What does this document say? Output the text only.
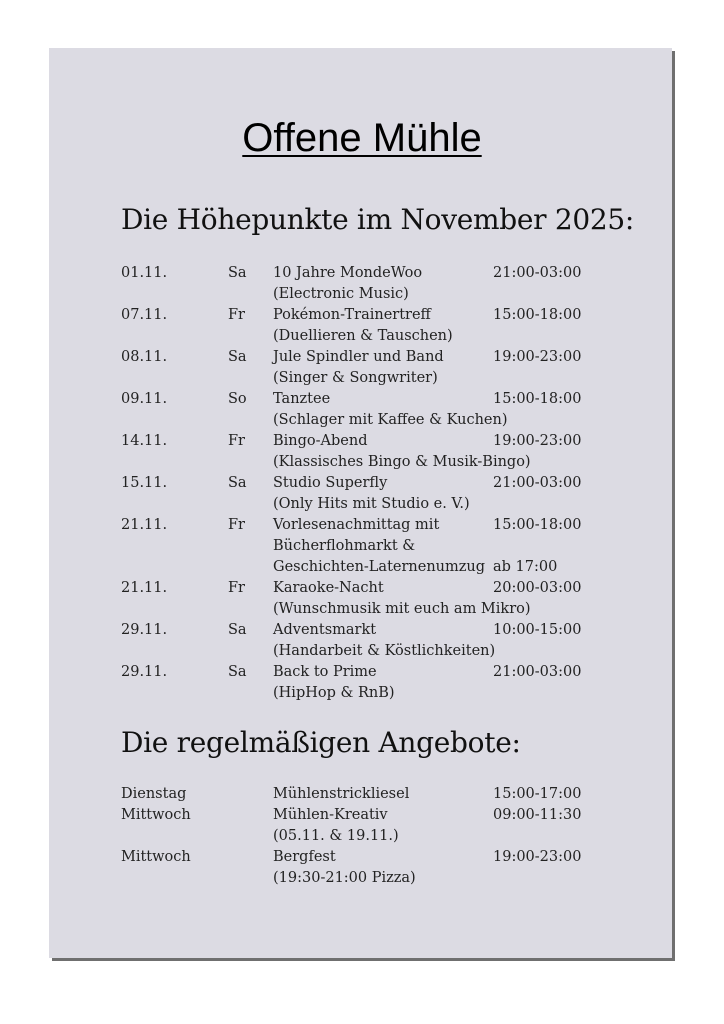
Offene Mühle
Die Höhepunkte im November 2025:
01.11.	Sa 10 Jahre MondeWoo
(Electronic Music)
21:00-03:00
07.11.	Fr Pokémon-Trainertreff
(Duellieren & Tauschen)
15:00-18:00
08.11.	Sa Jule Spindler und Band
(Singer & Songwriter)
19:00-23:00
09.11.	So Tanztee
(Schlager mit Kaffee & Kuchen)
15:00-18:00
14.11.	Fr Bingo-Abend
(Klassisches Bingo & Musik-Bingo)
19:00-23:00
15.11.	Sa Studio Superfly
(Only Hits mit Studio e. V.)
21:00-03:00
21.11.	Fr Vorlesenachmittag mit
Bücherflohmarkt &
Geschichten-Laternenumzug
15:00-18:00
ab 17:00
21.11.	Fr Karaoke-Nacht
(Wunschmusik mit euch am Mikro)
20:00-03:00
29.11.	Sa Adventsmarkt
(Handarbeit & Köstlichkeiten)
10:00-15:00
29.11.	Sa Back to Prime
(HipHop & RnB)
21:00-03:00
Die regelmäßigen Angebote:
Dienstag	Mühlenstrickliesel	15:00-17:00
Mittwoch	Mühlen-Kreativ
(05.11. & 19.11.)
09:00-11:30
Mittwoch	Bergfest
(19:30-21:00 Pizza)
19:00-23:00
